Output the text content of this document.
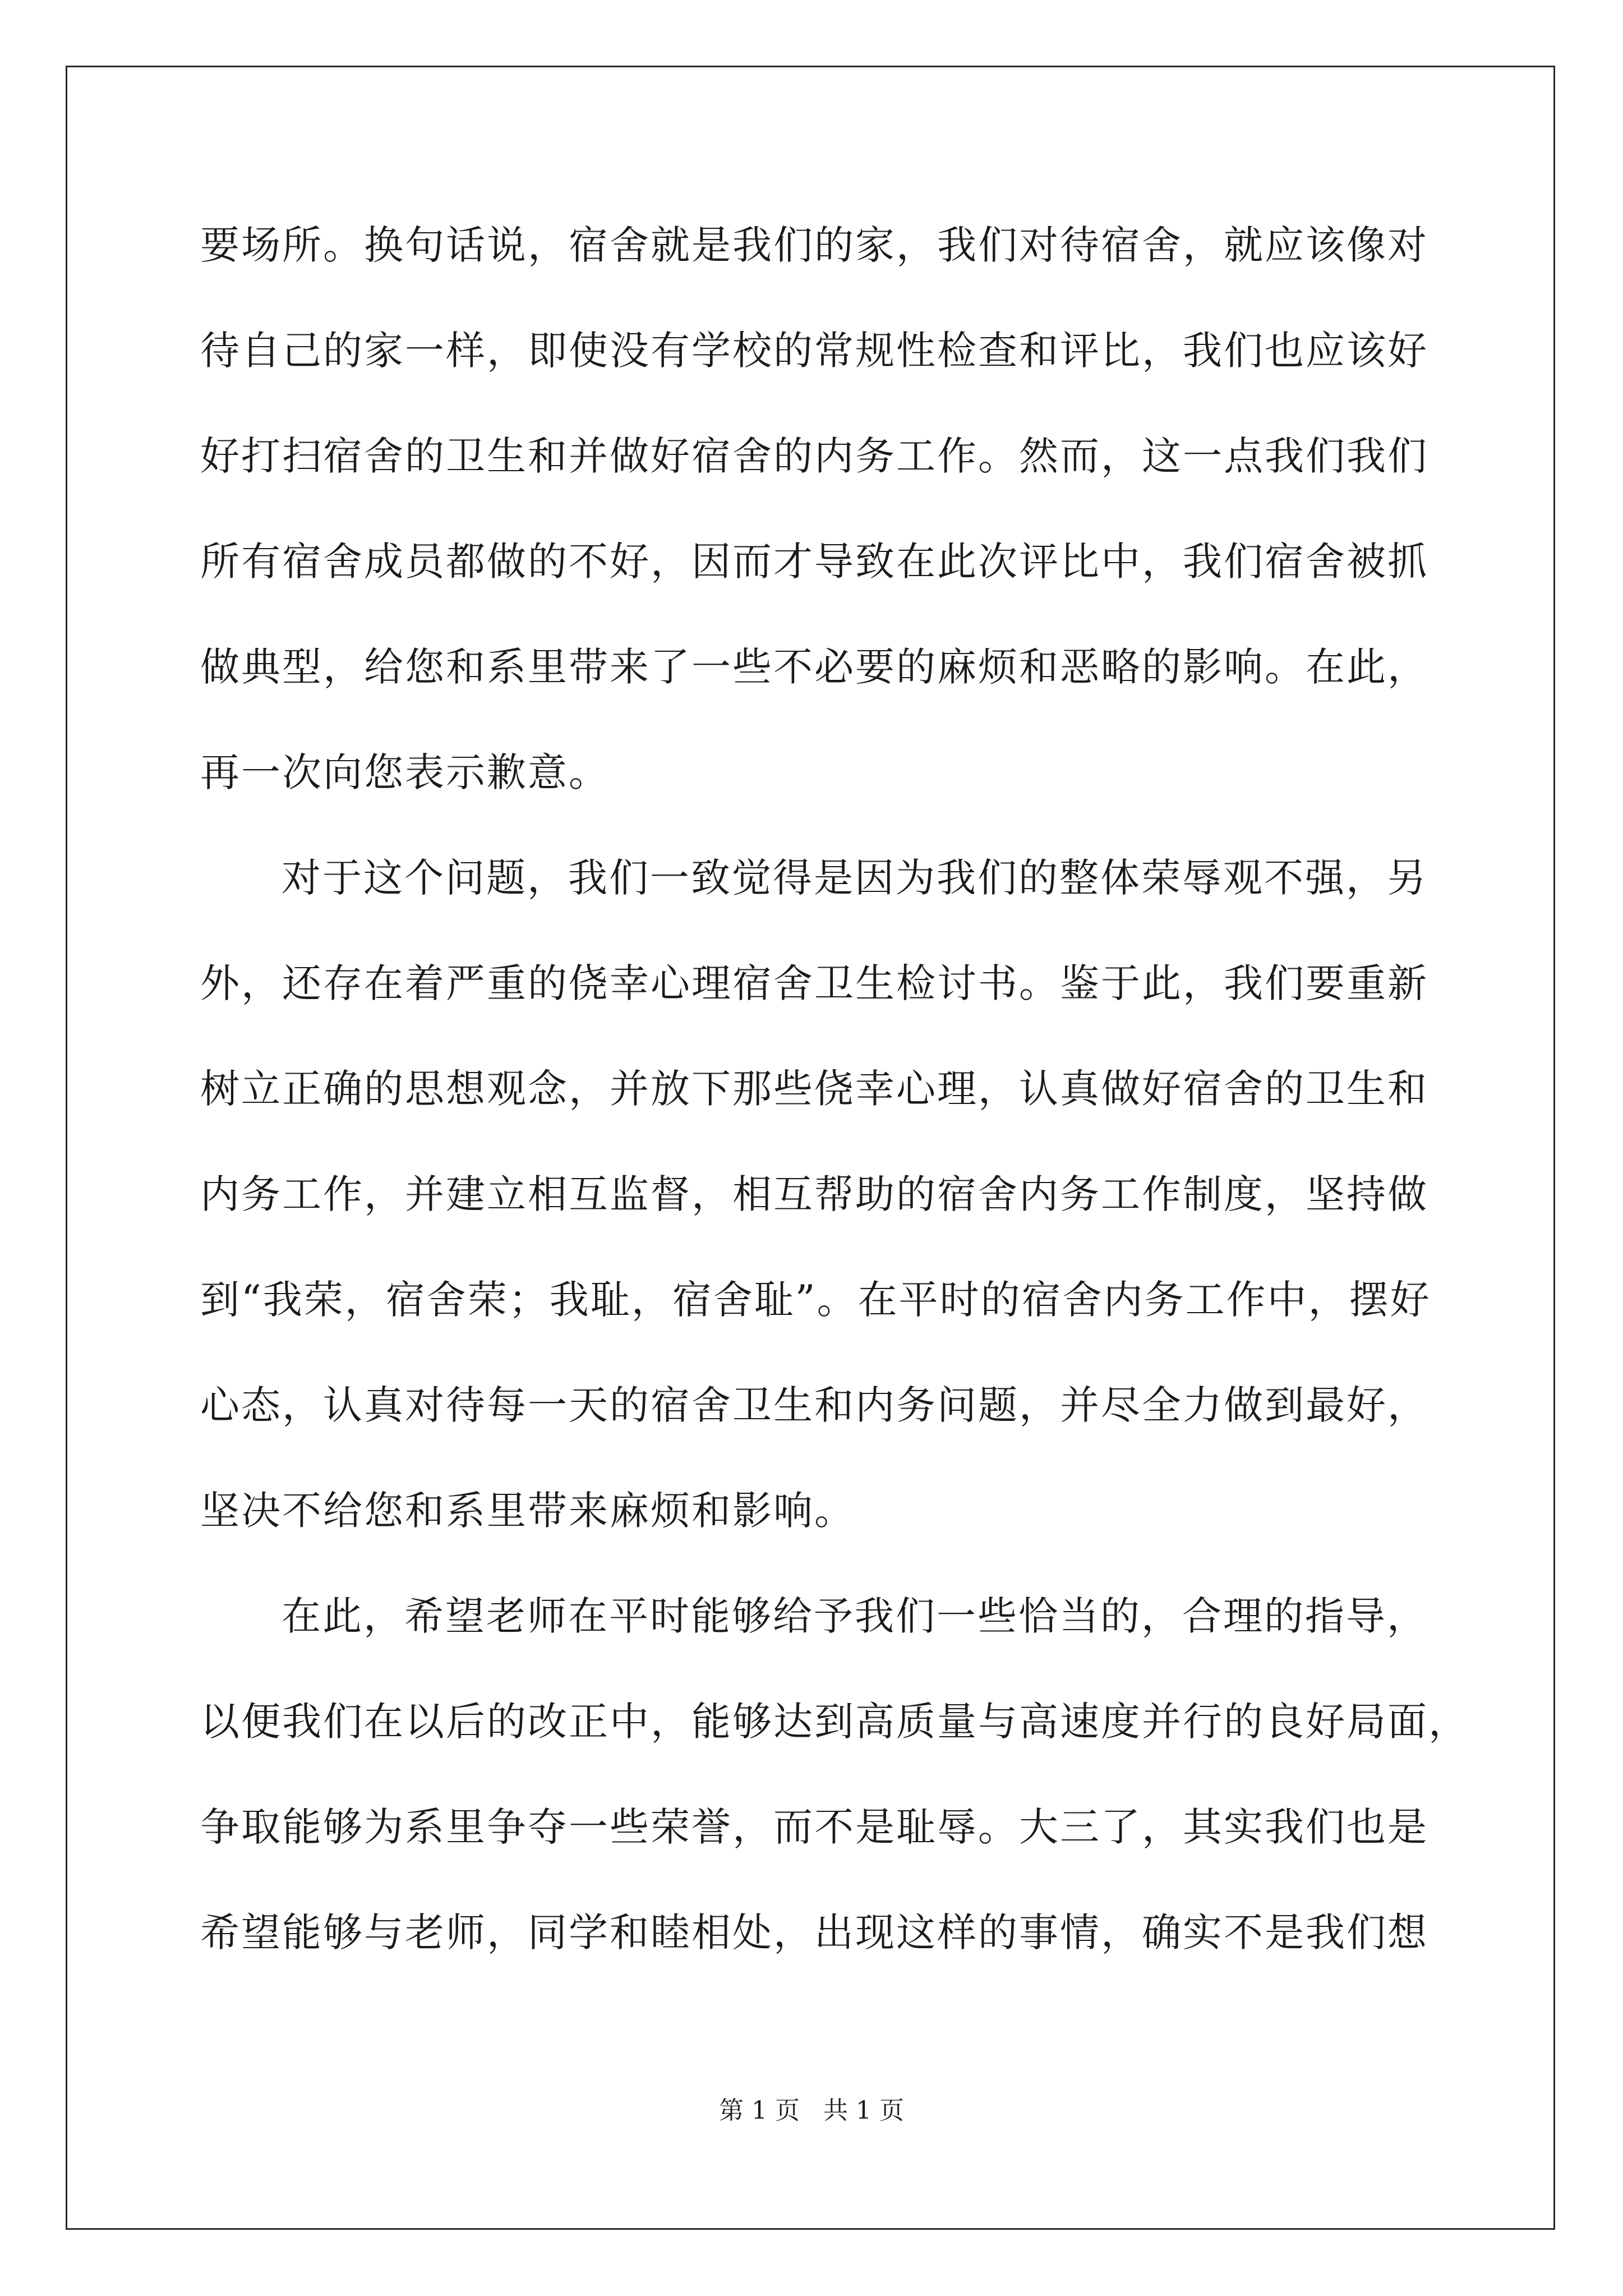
要场所。换句话说，宿舍就是我们的家，我们对待宿舍，就应该像对

待自己的家一样，即使没有学校的常规性检查和评比，我们也应该好

好打扫宿舍的卫生和并做好宿舍的内务工作。然而，这一点我们我们

所有宿舍成员都做的不好，因而才导致在此次评比中，我们宿舍被抓

做典型，给您和系里带来了一些不必要的麻烦和恶略的影响。在此，

再一次向您表示歉意。

对于这个问题，我们一致觉得是因为我们的整体荣辱观不强，另

外，还存在着严重的侥幸心理宿舍卫生检讨书。鉴于此，我们要重新

树立正确的思想观念，并放下那些侥幸心理，认真做好宿舍的卫生和

内务工作，并建立相互监督，相互帮助的宿舍内务工作制度，坚持做

到“我荣，宿舍荣；我耻，宿舍耻”。在平时的宿舍内务工作中，摆好

心态，认真对待每一天的宿舍卫生和内务问题，并尽全力做到最好，

坚决不给您和系里带来麻烦和影响。

在此，希望老师在平时能够给予我们一些恰当的，合理的指导，

以便我们在以后的改正中，能够达到高质量与高速度并行的良好局面，

争取能够为系里争夺一些荣誉，而不是耻辱。大三了，其实我们也是

希望能够与老师，同学和睦相处，出现这样的事情，确实不是我们想

第 1 页   共 1 页
